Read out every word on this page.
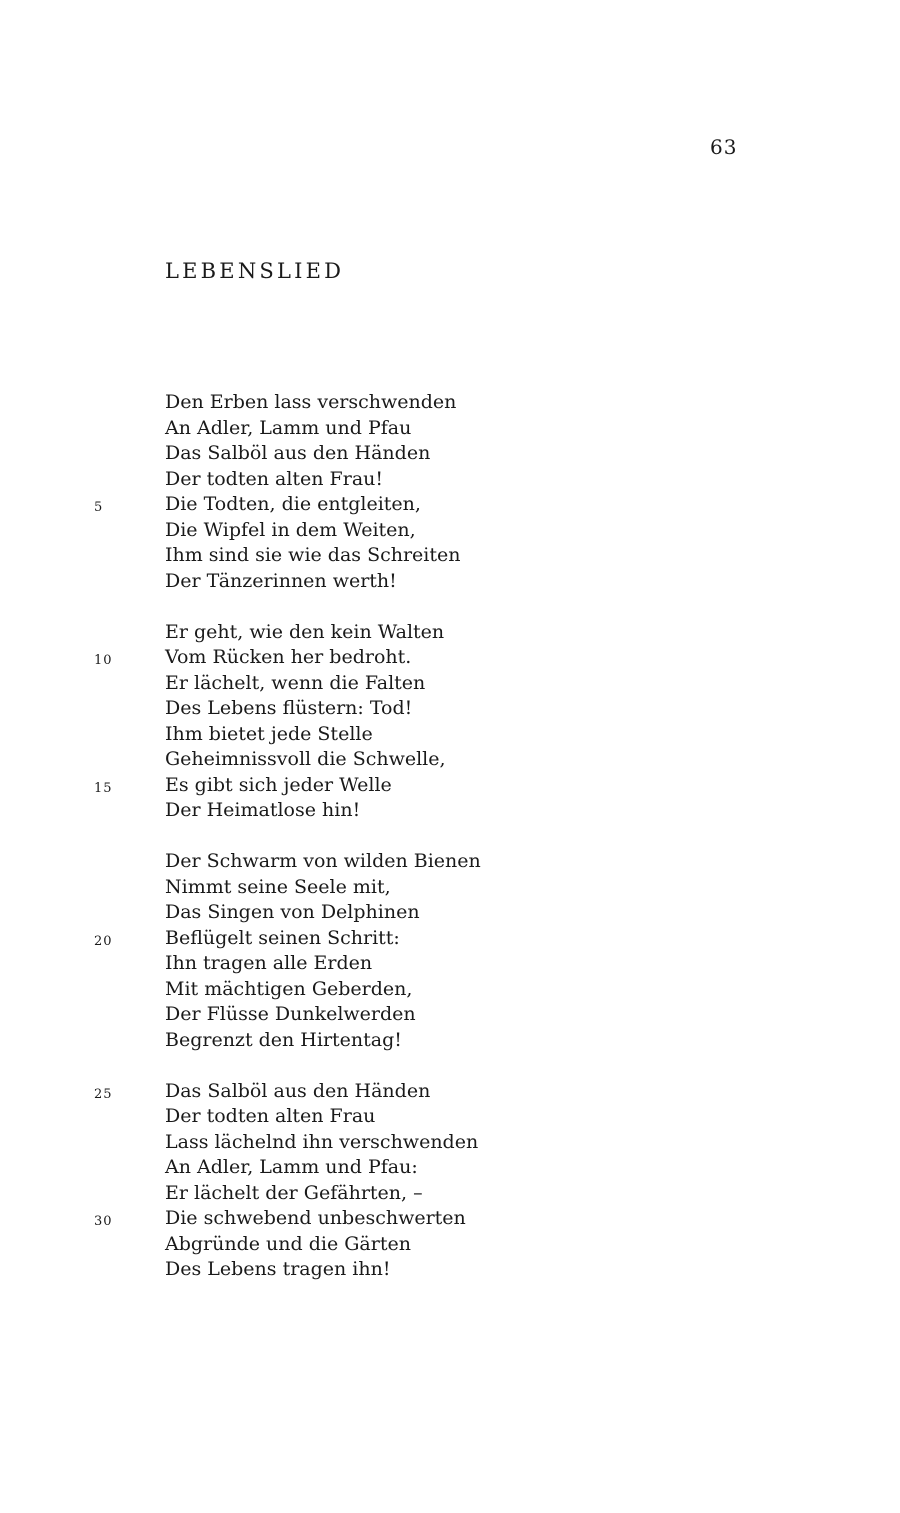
63
LEBENSLIED
Den Erben lass verschwenden
An Adler, Lamm und Pfau
Das Salböl aus den Händen
Der todten alten Frau!
5	Die Todten, die entgleiten,
Die Wipfel in dem Weiten,
Ihm sind sie wie das Schreiten
Der Tänzerinnen werth!
Er geht, wie den kein Walten
10	Vom Rücken her bedroht.
Er lächelt, wenn die Falten
Des Lebens flüstern: Tod!
Ihm bietet jede Stelle
Geheimnissvoll die Schwelle,
15	Es gibt sich jeder Welle
Der Heimatlose hin!
Der Schwarm von wilden Bienen
Nimmt seine Seele mit,
Das Singen von Delphinen
20	Beflügelt seinen Schritt:
Ihn tragen alle Erden
Mit mächtigen Geberden,
Der Flüsse Dunkelwerden
Begrenzt den Hirtentag!
25	Das Salböl aus den Händen
Der todten alten Frau
Lass lächelnd ihn verschwenden
An Adler, Lamm und Pfau:
Er lächelt der Gefährten, –
30	Die schwebend unbeschwerten
Abgründe und die Gärten
Des Lebens tragen ihn!
